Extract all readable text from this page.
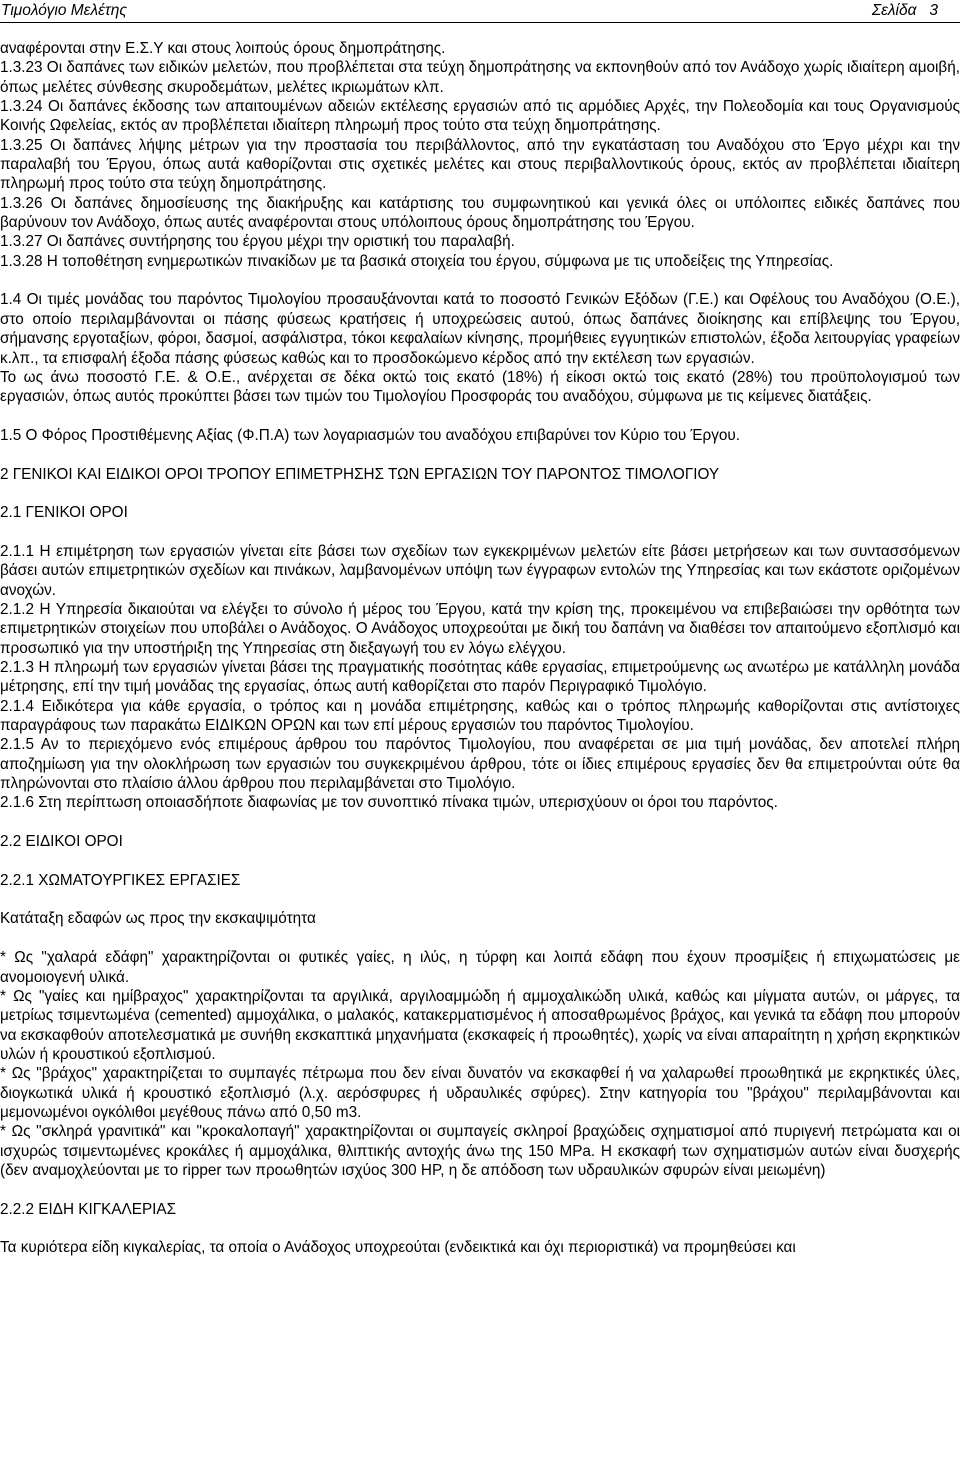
Τιμολόγιο Μελέτης	Σελίδα 3

αναφέρονται στην Ε.Σ.Υ και στους λοιπούς όρους δημοπράτησης.

1.3.23 Οι δαπάνες των ειδικών μελετών, που προβλέπεται στα τεύχη δημοπράτησης να εκπονηθούν από τον Ανάδοχο χωρίς ιδιαίτερη αμοιβή, όπως μελέτες σύνθεσης σκυροδεμάτων, μελέτες ικριωμάτων κλπ.

1.3.24 Οι δαπάνες έκδοσης των απαιτουμένων αδειών εκτέλεσης εργασιών από τις αρμόδιες Αρχές, την Πολεοδομία και τους Οργανισμούς Κοινής Ωφελείας, εκτός αν προβλέπεται ιδιαίτερη πληρωμή προς τούτο στα τεύχη δημοπράτησης.

1.3.25 Οι δαπάνες λήψης μέτρων για την προστασία του περιβάλλοντος, από την εγκατάσταση του Αναδόχου στο Έργο μέχρι και την παραλαβή του Έργου, όπως αυτά καθορίζονται στις σχετικές μελέτες και στους περιβαλλοντικούς όρους, εκτός αν προβλέπεται ιδιαίτερη πληρωμή προς τούτο στα τεύχη δημοπράτησης.

1.3.26 Οι δαπάνες δημοσίευσης της διακήρυξης και κατάρτισης του συμφωνητικού και γενικά όλες οι υπόλοιπες ειδικές δαπάνες που βαρύνουν τον Ανάδοχο, όπως αυτές αναφέρονται στους υπόλοιπους όρους δημοπράτησης του Έργου.

1.3.27 Οι δαπάνες συντήρησης του έργου μέχρι την οριστική του παραλαβή.

1.3.28 Η τοποθέτηση ενημερωτικών πινακίδων με τα βασικά στοιχεία του έργου, σύμφωνα με τις υποδείξεις της Υπηρεσίας.

1.4 Οι τιμές μονάδας του παρόντος Τιμολογίου προσαυξάνονται κατά το ποσοστό Γενικών Εξόδων (Γ.Ε.) και Οφέλους του Αναδόχου (Ο.Ε.), στο οποίο περιλαμβάνονται οι πάσης φύσεως κρατήσεις ή υποχρεώσεις αυτού, όπως δαπάνες διοίκησης και επίβλεψης του Έργου, σήμανσης εργοταξίων, φόροι, δασμοί, ασφάλιστρα, τόκοι κεφαλαίων κίνησης, προμήθειες εγγυητικών επιστολών, έξοδα λειτουργίας γραφείων κ.λπ., τα επισφαλή έξοδα πάσης φύσεως καθώς και το προσδοκώμενο κέρδος από την εκτέλεση των εργασιών.

Το ως άνω ποσοστό Γ.Ε. & Ο.Ε., ανέρχεται σε δέκα οκτώ τοις εκατό (18%) ή είκοσι οκτώ τοις εκατό (28%) του προϋπολογισμού των εργασιών, όπως αυτός προκύπτει βάσει των τιμών του Τιμολογίου Προσφοράς του αναδόχου, σύμφωνα με τις κείμενες διατάξεις.

1.5 Ο Φόρος Προστιθέμενης Αξίας (Φ.Π.Α) των λογαριασμών του αναδόχου επιβαρύνει τον Κύριο του Έργου.

2 ΓΕΝΙΚΟΙ ΚΑΙ ΕΙΔΙΚΟΙ ΟΡΟΙ ΤΡΟΠΟΥ ΕΠΙΜΕΤΡΗΣΗΣ ΤΩΝ ΕΡΓΑΣΙΩΝ ΤΟΥ ΠΑΡΟΝΤΟΣ ΤΙΜΟΛΟΓΙΟΥ

2.1 ΓΕΝΙΚΟΙ ΟΡΟΙ

2.1.1 Η επιμέτρηση των εργασιών γίνεται είτε βάσει των σχεδίων των εγκεκριμένων μελετών είτε βάσει μετρήσεων και των συντασσόμενων βάσει αυτών επιμετρητικών σχεδίων και πινάκων, λαμβανομένων υπόψη των έγγραφων εντολών της Υπηρεσίας και των εκάστοτε οριζομένων ανοχών.

2.1.2 Η Υπηρεσία δικαιούται να ελέγξει το σύνολο ή μέρος του Έργου, κατά την κρίση της, προκειμένου να επιβεβαιώσει την ορθότητα των επιμετρητικών στοιχείων που υποβάλει ο Ανάδοχος. Ο Ανάδοχος υποχρεούται με δική του δαπάνη να διαθέσει τον απαιτούμενο εξοπλισμό και προσωπικό για την υποστήριξη της Υπηρεσίας στη διεξαγωγή του εν λόγω ελέγχου.

2.1.3 Η πληρωμή των εργασιών γίνεται βάσει της πραγματικής ποσότητας κάθε εργασίας, επιμετρούμενης ως ανωτέρω με κατάλληλη μονάδα μέτρησης, επί την τιμή μονάδας της εργασίας, όπως αυτή καθορίζεται στο παρόν Περιγραφικό Τιμολόγιο.

2.1.4 Ειδικότερα για κάθε εργασία, ο τρόπος και η μονάδα επιμέτρησης, καθώς και ο τρόπος πληρωμής καθορίζονται στις αντίστοιχες παραγράφους των παρακάτω ΕΙΔΙΚΩΝ ΟΡΩΝ και των επί μέρους εργασιών του παρόντος Τιμολογίου.

2.1.5 Αν το περιεχόμενο ενός επιμέρους άρθρου του παρόντος Τιμολογίου, που αναφέρεται σε μια τιμή μονάδας, δεν αποτελεί πλήρη αποζημίωση για την ολοκλήρωση των εργασιών του συγκεκριμένου άρθρου, τότε οι ίδιες επιμέρους εργασίες δεν θα επιμετρούνται ούτε θα πληρώνονται στο πλαίσιο άλλου άρθρου που περιλαμβάνεται στο Τιμολόγιο.

2.1.6 Στη περίπτωση οποιασδήποτε διαφωνίας με τον συνοπτικό πίνακα τιμών, υπερισχύουν οι όροι του παρόντος.

2.2 ΕΙΔΙΚΟΙ ΟΡΟΙ

2.2.1 ΧΩΜΑΤΟΥΡΓΙΚΕΣ ΕΡΓΑΣΙΕΣ

Κατάταξη εδαφών ως προς την εκσκαψιμότητα

* Ως "χαλαρά εδάφη" χαρακτηρίζονται οι φυτικές γαίες, η ιλύς, η τύρφη και λοιπά εδάφη που έχουν προσμίξεις ή επιχωματώσεις με ανομοιογενή υλικά.

* Ως "γαίες και ημίβραχος" χαρακτηρίζονται τα αργιλικά, αργιλοαμμώδη ή αμμοχαλικώδη υλικά, καθώς και μίγματα αυτών, οι μάργες, τα μετρίως τσιμεντωμένα (cemented) αμμοχάλικα, ο μαλακός, κατακερματισμένος ή αποσαθρωμένος βράχος, και γενικά τα εδάφη που μπορούν να εκσκαφθούν αποτελεσματικά με συνήθη εκσκαπτικά μηχανήματα (εκσκαφείς ή προωθητές), χωρίς να είναι απαραίτητη η χρήση εκρηκτικών υλών ή κρουστικού εξοπλισμού.

* Ως "βράχος" χαρακτηρίζεται το συμπαγές πέτρωμα που δεν είναι δυνατόν να εκσκαφθεί ή να χαλαρωθεί προωθητικά με εκρηκτικές ύλες, διογκωτικά υλικά ή κρουστικό εξοπλισμό (λ.χ. αερόσφυρες ή υδραυλικές σφύρες). Στην κατηγορία του "βράχου" περιλαμβάνονται και μεμονωμένοι ογκόλιθοι μεγέθους πάνω από 0,50 m3.

* Ως "σκληρά γρανιτικά" και "κροκαλοπαγή" χαρακτηρίζονται οι συμπαγείς σκληροί βραχώδεις σχηματισμοί από πυριγενή πετρώματα και οι ισχυρώς τσιμεντωμένες κροκάλες ή αμμοχάλικα, θλιπτικής αντοχής άνω της 150 MPa. Η εκσκαφή των σχηματισμών αυτών είναι δυσχερής (δεν αναμοχλεύονται με το ripper των προωθητών ισχύος 300 HP, η δε απόδοση των υδραυλικών σφυρών είναι μειωμένη)

2.2.2 ΕΙΔΗ ΚΙΓΚΑΛΕΡΙΑΣ

Τα κυριότερα είδη κιγκαλερίας, τα οποία ο Ανάδοχος υποχρεούται (ενδεικτικά και όχι περιοριστικά) να προμηθεύσει και
